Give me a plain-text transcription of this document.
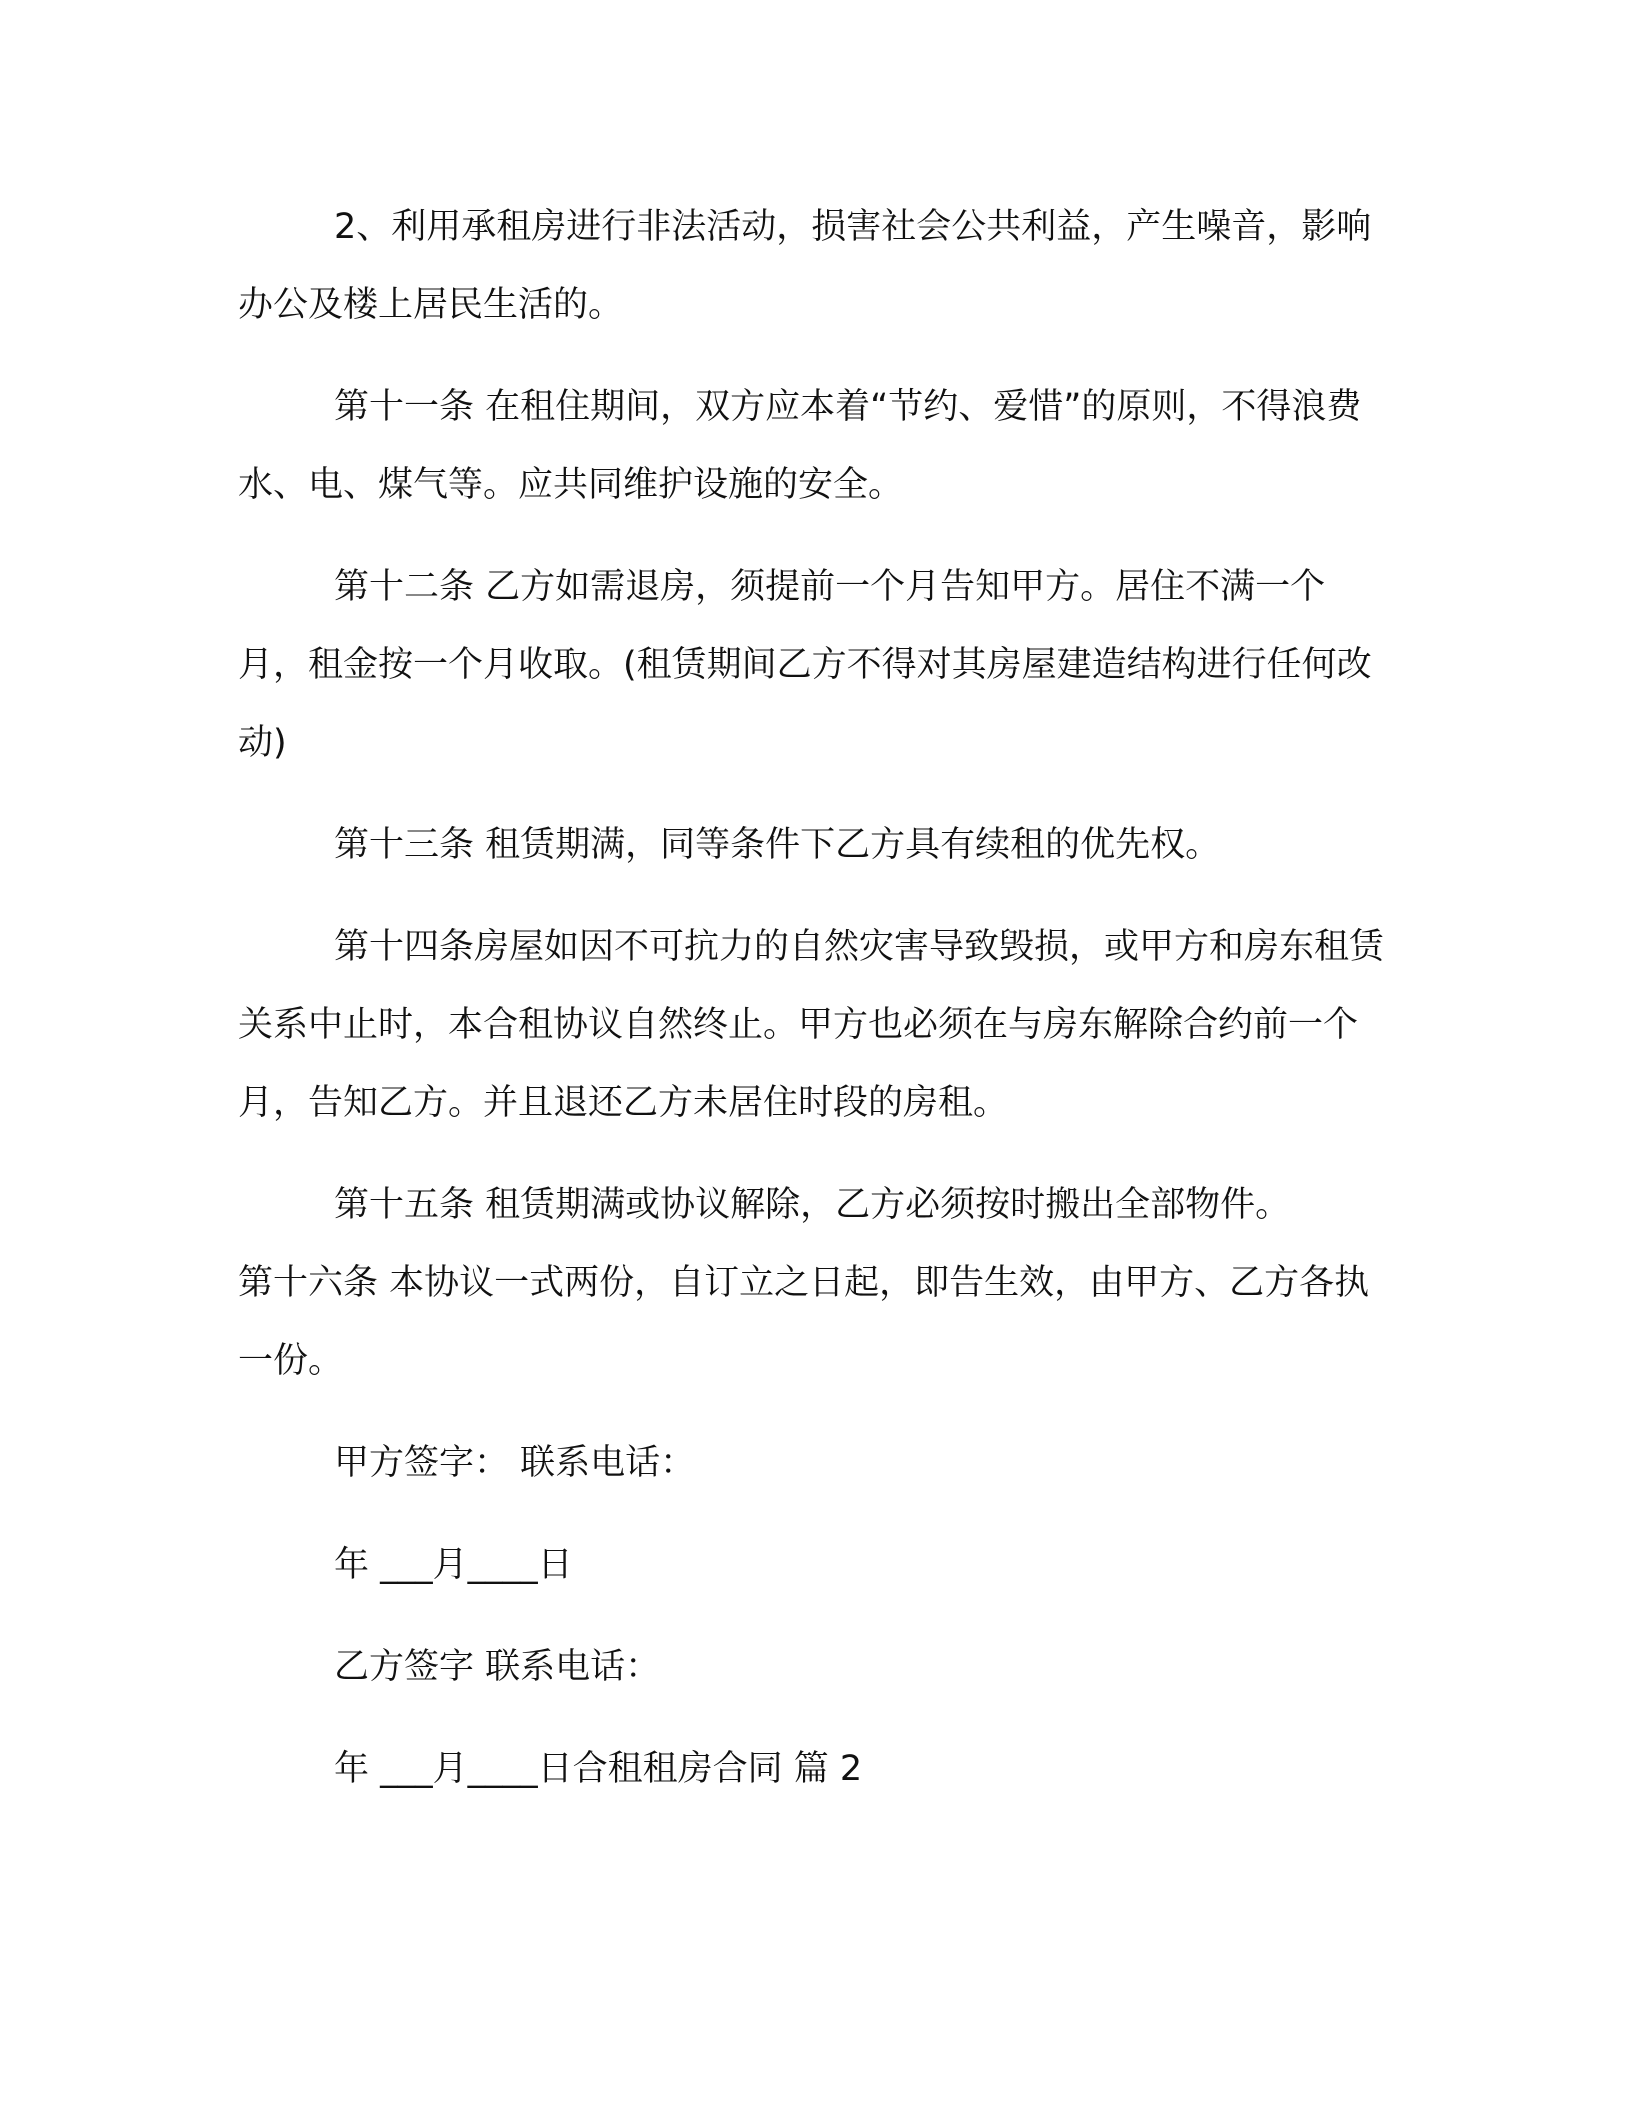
2、利用承租房进行非法活动，损害社会公共利益，产生噪音，影响办公及楼上居民生活的。

第十一条 在租住期间，双方应本着“节约、爱惜”的原则，不得浪费水、电、煤气等。应共同维护设施的安全。

第十二条 乙方如需退房，须提前一个月告知甲方。居住不满一个月，租金按一个月收取。(租赁期间乙方不得对其房屋建造结构进行任何改动)

第十三条 租赁期满，同等条件下乙方具有续租的优先权。

第十四条房屋如因不可抗力的自然灾害导致毁损，或甲方和房东租赁关系中止时，本合租协议自然终止。甲方也必须在与房东解除合约前一个月，告知乙方。并且退还乙方未居住时段的房租。

第十五条 租赁期满或协议解除，乙方必须按时搬出全部物件。

第十六条 本协议一式两份，自订立之日起，即告生效，由甲方、乙方各执一份。

甲方签字： 联系电话：

年 ___月____日

乙方签字 联系电话：

年 ___月____日合租租房合同 篇 2
